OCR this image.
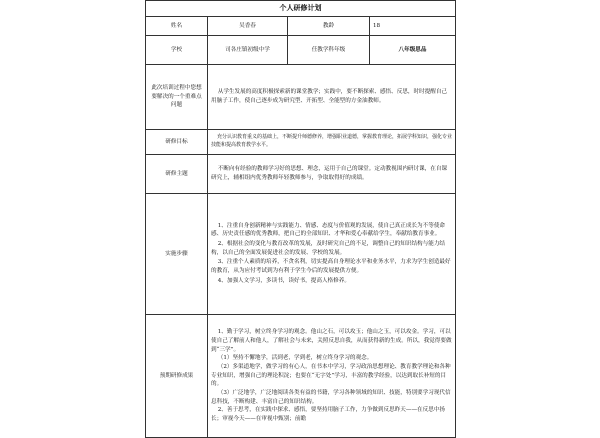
个人研修计划			
姓名	吴香春	教龄	18
学校	司各庄镇初级中学	任教学科年级	八年级思品
此次培训过程中您想要解决的一个重难点问题	从学生发展的高度积极探索新的课堂教学；实践中，要不断探索、感悟、反思，时时提醒自己用脑子工作，使自己逐步成为研究型、开拓型、全能型的方金油教师。		

研修目标	充分认识教育重义的基础上，不断提升师德修养，增强职业道德，掌握教育理论，拓展学科知识，强化专业技能和提高教育教学水平。		

研修主题	不断向有经验的教师学习好的思想、理念，运用于自己的课堂。定动教视围内研讨课，在自课研究上，辅相组内优秀教师年轻教师参与，争取取得好的成绩。		

实施步骤	1、注重自身创新精神与实践能力、情感、态度与价值观的发展，使自己真正成长为不等使命感、历史责任感的优秀教师，把自己的全部知识、才华和爱心奉献给学生，奉献给教育事业。

2、根据社会的变化与教育改革的发展，及时研究自己的不足，调整自己的知识结构与能力结构，以自己的全面发展促进社会的发展、学校的发展。

3、注重个人素质的培养，不贪名利，切实提高自身理论水平和业务水平，力求为学生创造最好的教育，从为应付考试到为有利于学生今后的发展提供方便。

4、加强人文学习，多读书，读好书，提高人格修养。		

预期研修成果	1、勤于学习，树立终身学习的观念。他山之石，可以攻玉；他山之玉，可以攻金。学习，可以使自己了解前人和他人，了解社会与未来，关照反思自我，从而获得新的生成。所以，我觉得要做到“三学”。

（1）坚持不懈地学，活到老，学到老，树立终身学习的观念。

（2）多渠道地学，做学习的有心人，在书本中学习，学习政治思想理论、教育教学理论和各种专业知识，增强自己的理论积淀；也要在“无字处”学习，丰富的教学经验，以达到取长补短的目的。

（3）广泛地学，广泛地阅读各类有益的书籍，学习各种领域的知识、技能，特别要学习现代信息科技，不断构建、丰富自己的知识结构。

2、善于思考，在实践中探求、感悟，要坚持用脑子工作，力争做到反思昨天——在反思中扬长；审视今天——在审视中甄别；前瞻		
